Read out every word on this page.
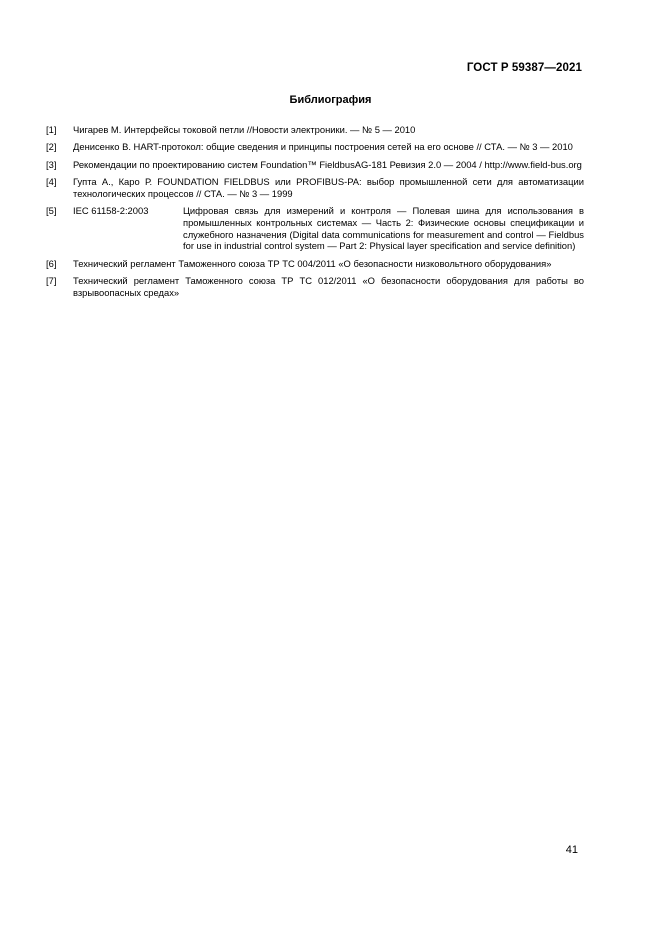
ГОСТ Р 59387—2021
Библиография
[1]	Чигарев М. Интерфейсы токовой петли //Новости электроники. — № 5 — 2010
[2]	Денисенко В. HART-протокол: общие сведения и принципы построения сетей на его основе // СТА. — № 3 — 2010
[3]	Рекомендации по проектированию систем Foundation™ FieldbusAG-181 Ревизия 2.0 — 2004 / http://www.field-bus.org
[4]	Гупта А., Каро Р. FOUNDATION FIELDBUS или PROFIBUS-PA: выбор промышленной сети для автоматизации технологических процессов // СТА. — № 3 — 1999
[5]	IEC 61158-2:2003	Цифровая связь для измерений и контроля — Полевая шина для использования в промышленных контрольных системах — Часть 2: Физические основы спецификации и служебного назначения (Digital data communications for measurement and control — Fieldbus for use in industrial control system — Part 2: Physical layer specification and service definition)
[6]	Технический регламент Таможенного союза ТР ТС 004/2011 «О безопасности низковольтного оборудования»
[7]	Технический регламент Таможенного союза ТР ТС 012/2011 «О безопасности оборудования для работы во взрывоопасных средах»
41
